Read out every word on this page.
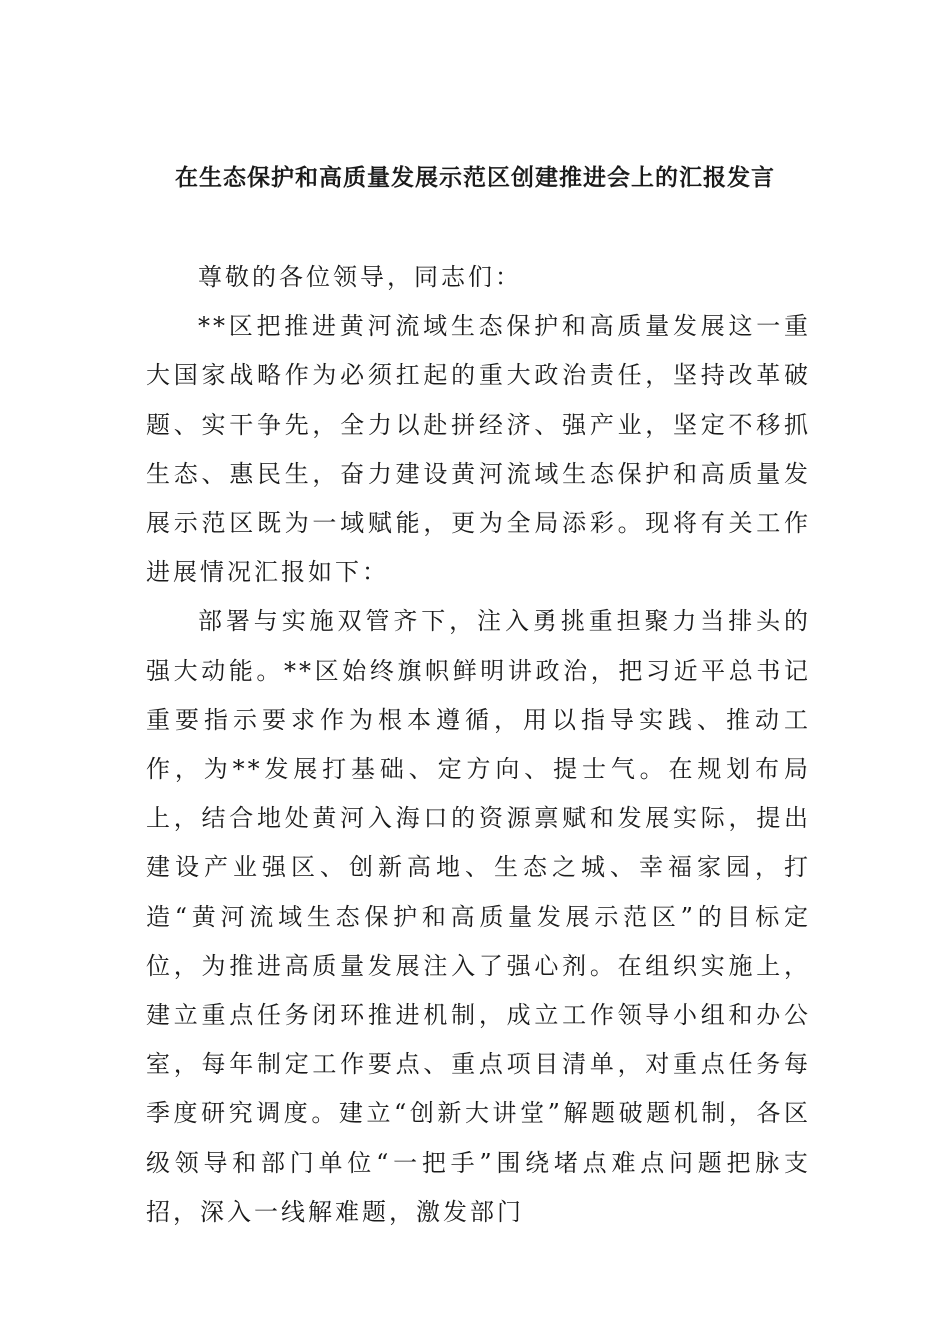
在生态保护和高质量发展示范区创建推进会上的汇报发言

尊敬的各位领导，同志们：

**区把推进黄河流域生态保护和高质量发展这一重大国家战略作为必须扛起的重大政治责任，坚持改革破题、实干争先，全力以赴拼经济、强产业，坚定不移抓生态、惠民生，奋力建设黄河流域生态保护和高质量发展示范区既为一域赋能，更为全局添彩。现将有关工作进展情况汇报如下：

部署与实施双管齐下，注入勇挑重担聚力当排头的强大动能。**区始终旗帜鲜明讲政治，把习近平总书记重要指示要求作为根本遵循，用以指导实践、推动工作，为**发展打基础、定方向、提士气。在规划布局上，结合地处黄河入海口的资源禀赋和发展实际，提出建设产业强区、创新高地、生态之城、幸福家园，打造“黄河流域生态保护和高质量发展示范区”的目标定位，为推进高质量发展注入了强心剂。在组织实施上，建立重点任务闭环推进机制，成立工作领导小组和办公室，每年制定工作要点、重点项目清单，对重点任务每季度研究调度。建立“创新大讲堂”解题破题机制，各区级领导和部门单位“一把手”围绕堵点难点问题把脉支招，深入一线解难题，激发部门
